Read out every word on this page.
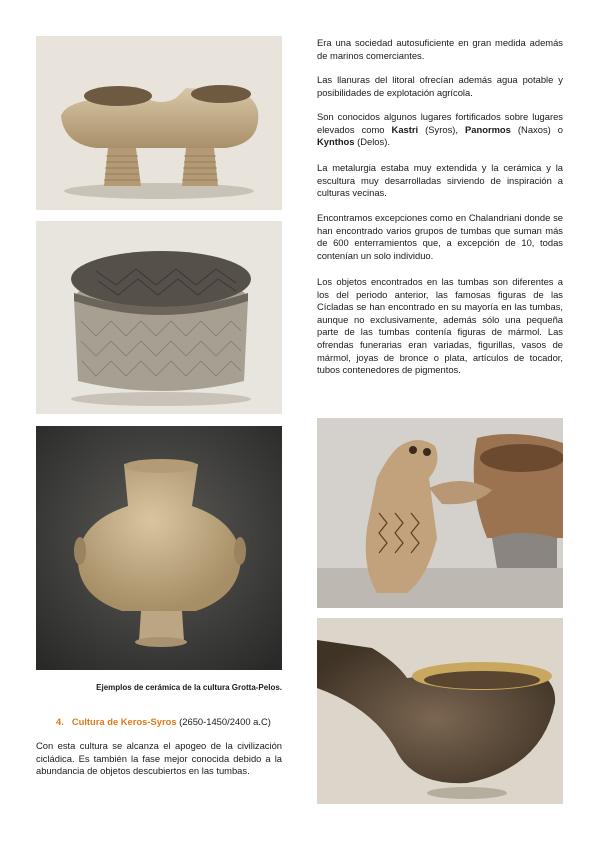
Era una sociedad autosuficiente en gran medida además de marinos comerciantes.

Las llanuras del litoral ofrecían además agua potable y posibilidades de explotación agrícola.

Son conocidos algunos lugares fortificados sobre lugares elevados como Kastri (Syros), Panormos (Naxos) o Kynthos (Delos).

La metalurgia estaba muy extendida y la cerámica y la escultura muy desarrolladas sirviendo de inspiración a culturas vecinas.

Encontramos excepciones como en Chalandriani donde se han encontrado varios grupos de tumbas que suman más de 600 enterramientos que, a excepción de 10, todas contenían un solo individuo.

Los objetos encontrados en las tumbas son diferentes a los del periodo anterior, las famosas figuras de las Cícladas se han encontrado en su mayoría en las tumbas, aunque no exclusivamente, además sólo una pequeña parte de las tumbas contenía figuras de mármol. Las ofrendas funerarias eran variadas, figurillas, vasos de mármol, joyas de bronce o plata, artículos de tocador, tubos contenedores de pigmentos.

Ejemplos de cerámica de la cultura Grotta-Pelos.
4. Cultura de Keros-Syros (2650-1450/2400 a.C)

Con esta cultura se alcanza el apogeo de la civilización cicládica. Es también la fase mejor conocida debido a la abundancia de objetos descubiertos en las tumbas.
